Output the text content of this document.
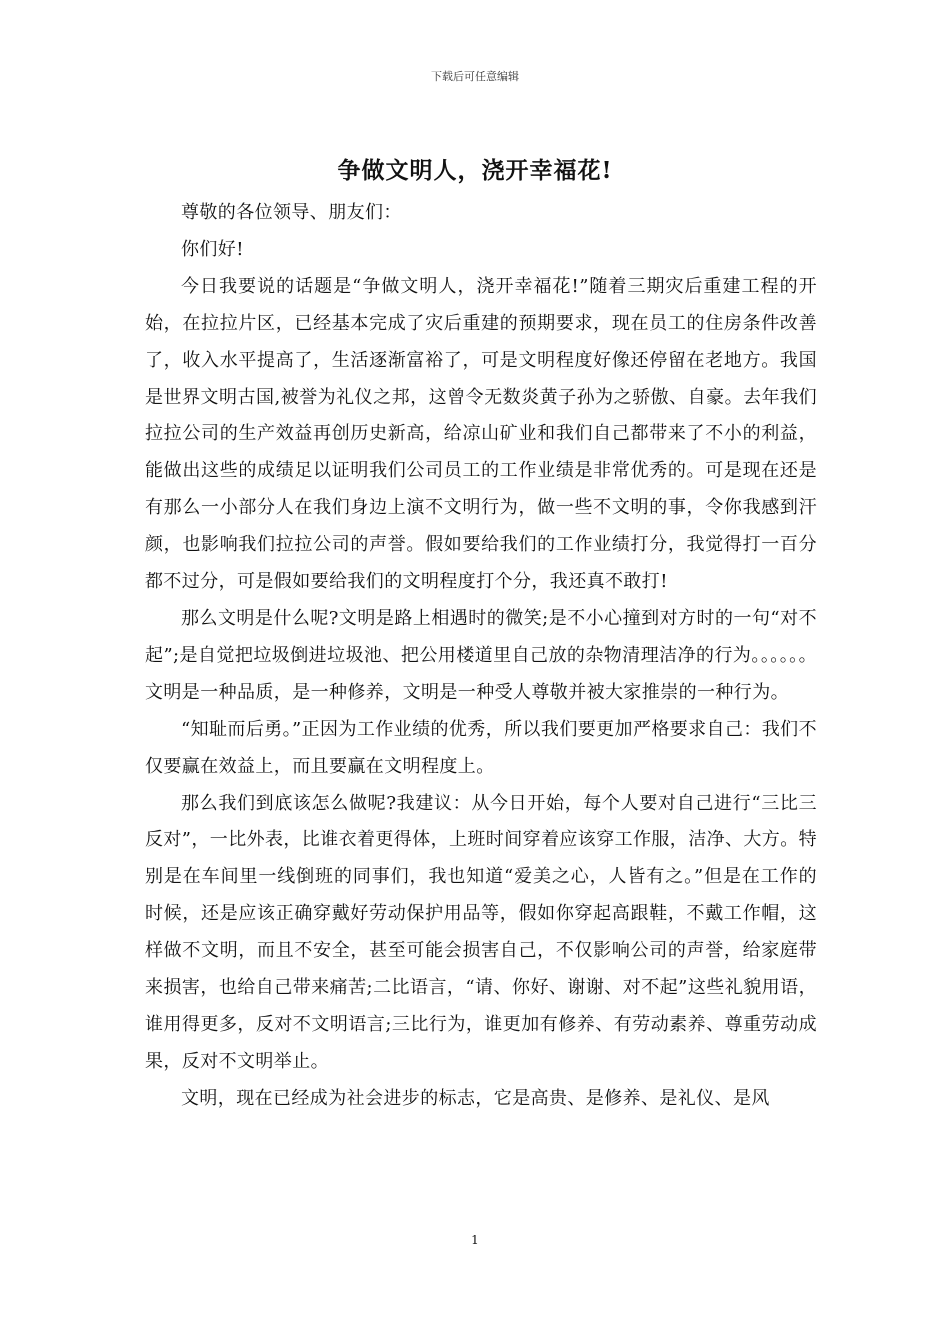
下载后可任意编辑
争做文明人，浇开幸福花!

尊敬的各位领导、朋友们：

你们好!

今日我要说的话题是“争做文明人，浇开幸福花!”随着三期灾后重建工程的开始，在拉拉片区，已经基本完成了灾后重建的预期要求，现在员工的住房条件改善了，收入水平提高了，生活逐渐富裕了，可是文明程度好像还停留在老地方。我国是世界文明古国,被誉为礼仪之邦，这曾令无数炎黄子孙为之骄傲、自豪。去年我们拉拉公司的生产效益再创历史新高，给凉山矿业和我们自己都带来了不小的利益，能做出这些的成绩足以证明我们公司员工的工作业绩是非常优秀的。可是现在还是有那么一小部分人在我们身边上演不文明行为，做一些不文明的事，令你我感到汗颜，也影响我们拉拉公司的声誉。假如要给我们的工作业绩打分，我觉得打一百分都不过分，可是假如要给我们的文明程度打个分，我还真不敢打!

那么文明是什么呢?文明是路上相遇时的微笑;是不小心撞到对方时的一句“对不起”;是自觉把垃圾倒进垃圾池、把公用楼道里自己放的杂物清理洁净的行为。。。。。。文明是一种品质，是一种修养，文明是一种受人尊敬并被大家推崇的一种行为。

“知耻而后勇。”正因为工作业绩的优秀，所以我们要更加严格要求自己：我们不仅要赢在效益上，而且要赢在文明程度上。

那么我们到底该怎么做呢?我建议：从今日开始，每个人要对自己进行“三比三反对”，一比外表，比谁衣着更得体，上班时间穿着应该穿工作服，洁净、大方。特别是在车间里一线倒班的同事们，我也知道“爱美之心，人皆有之。”但是在工作的时候，还是应该正确穿戴好劳动保护用品等，假如你穿起高跟鞋，不戴工作帽，这样做不文明，而且不安全，甚至可能会损害自己，不仅影响公司的声誉，给家庭带来损害，也给自己带来痛苦;二比语言，“请、你好、谢谢、对不起”这些礼貌用语，谁用得更多，反对不文明语言;三比行为，谁更加有修养、有劳动素养、尊重劳动成果，反对不文明举止。

文明，现在已经成为社会进步的标志，它是高贵、是修养、是礼仪、是风

1
